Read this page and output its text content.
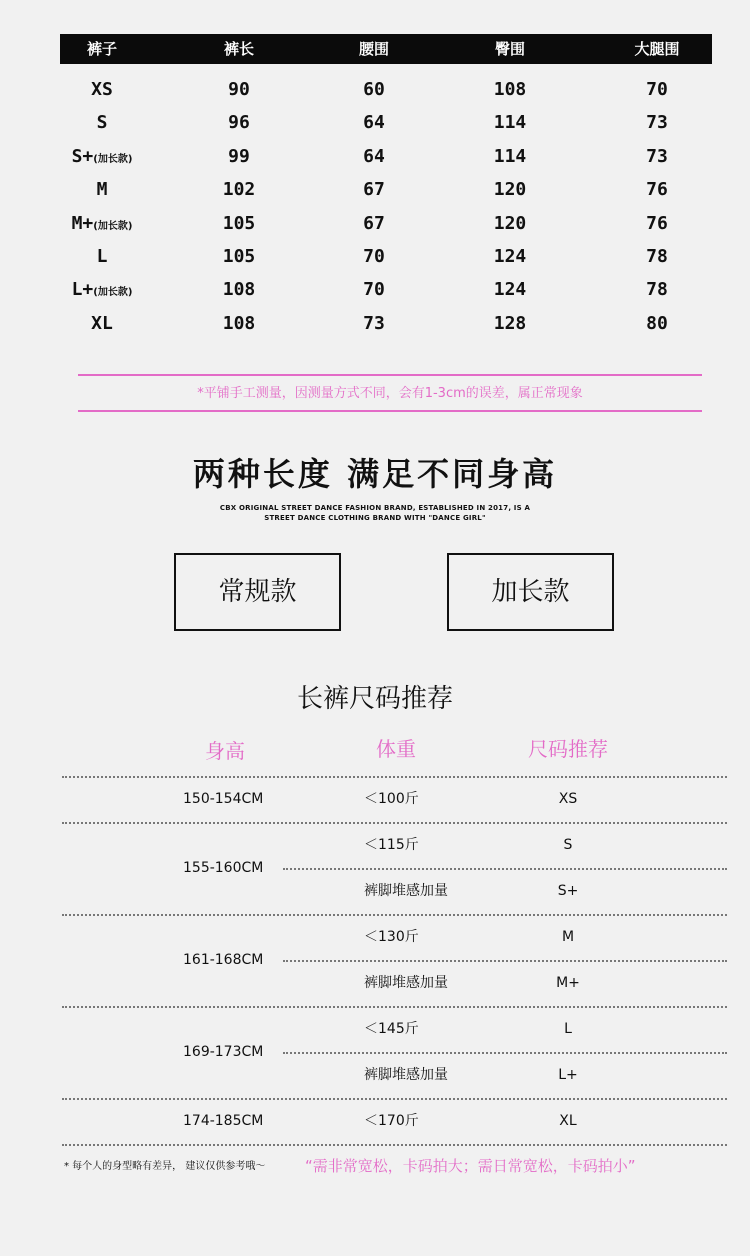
裤子	裤长	腰围	臀围	大腿围
XS	90	60	108	70
S	96	64	114	73
S+(加长款)	99	64	114	73
M	102	67	120	76
M+(加长款)	105	67	120	76
L	105	70	124	78
L+(加长款)	108	70	124	78
XL	108	73	128	80
*平铺手工测量，因测量方式不同，会有1-3cm的误差，属正常现象
两种长度 满足不同身高
CBX ORIGINAL STREET DANCE FASHION BRAND, ESTABLISHED IN 2017, IS A
STREET DANCE CLOTHING BRAND WITH "DANCE GIRL"
常规款	加长款
长裤尺码推荐
身高	体重	尺码推荐
150-154CM	＜100斤	XS
155-160CM
＜115斤	S
裤脚堆感加量	S+
161-168CM
＜130斤	M
裤脚堆感加量	M+
169-173CM
＜145斤	L
裤脚堆感加量	L+
174-185CM	＜170斤	XL
* 每个人的身型略有差异， 建议仅供参考哦～	“需非常宽松，卡码拍大；需日常宽松，卡码拍小”
